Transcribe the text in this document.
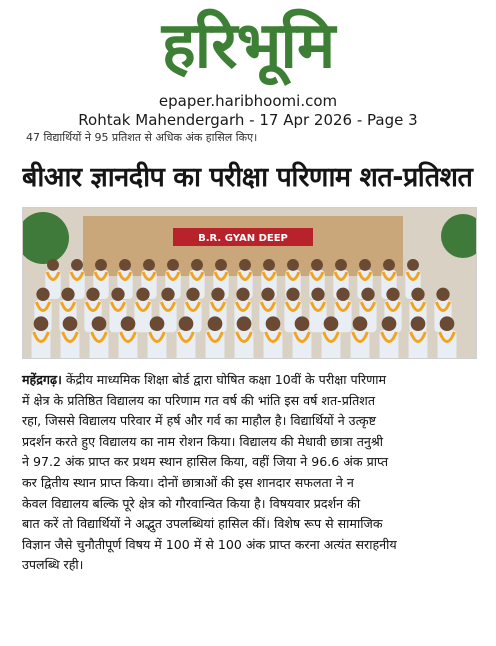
हरिभूमि
epaper.haribhoomi.com
Rohtak Mahendergarh - 17 Apr 2026 - Page 3
47 विद्यार्थियों ने 95 प्रतिशत से अधिक अंक हासिल किए।
बीआर ज्ञानदीप का परीक्षा परिणाम शत-प्रतिशत
B.R. GYAN DEEP
महेंद्रगढ़। केंद्रीय माध्यमिक शिक्षा बोर्ड द्वारा घोषित कक्षा 10वीं के परीक्षा परिणाम
में क्षेत्र के प्रतिष्ठित विद्यालय का परिणाम गत वर्ष की भांति इस वर्ष शत-प्रतिशत
रहा, जिससे विद्यालय परिवार में हर्ष और गर्व का माहौल है। विद्यार्थियों ने उत्कृष्ट
प्रदर्शन करते हुए विद्यालय का नाम रोशन किया। विद्यालय की मेधावी छात्रा तनुश्री
ने 97.2 अंक प्राप्त कर प्रथम स्थान हासिल किया, वहीं जिया ने 96.6 अंक प्राप्त
कर द्वितीय स्थान प्राप्त किया। दोनों छात्राओं की इस शानदार सफलता ने न
केवल विद्यालय बल्कि पूरे क्षेत्र को गौरवान्वित किया है। विषयवार प्रदर्शन की
बात करें तो विद्यार्थियों ने अद्भुत उपलब्धियां हासिल कीं। विशेष रूप से सामाजिक
विज्ञान जैसे चुनौतीपूर्ण विषय में 100 में से 100 अंक प्राप्त करना अत्यंत सराहनीय
उपलब्धि रही।
